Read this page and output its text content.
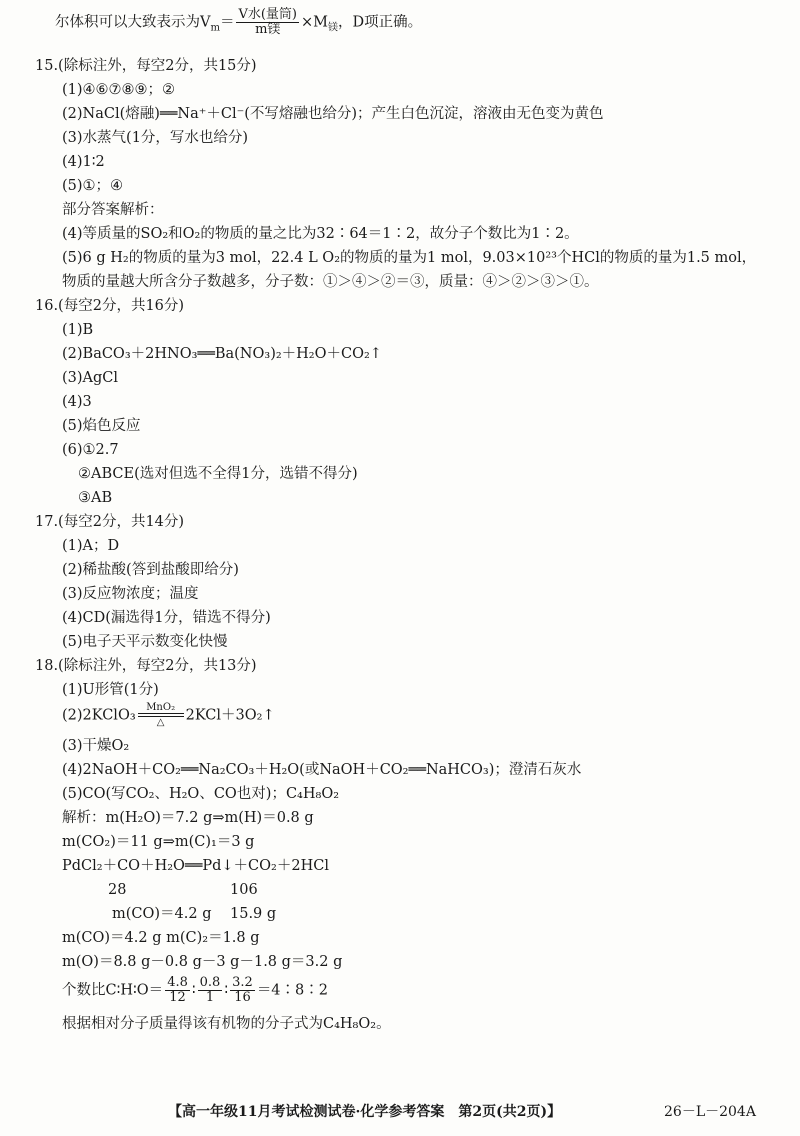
尔体积可以大致表示为$V_m= \frac{\text{V水(量筒)}}{\text{m镁}} \times M_镁$，D项正确。
15.(除标注外，每空2分，共15分)
(1)④⑥⑦⑧⑨；②
(2)NaCl(熔融)══Na⁺＋Cl⁻(不写熔融也给分)；产生白色沉淀，溶液由无色变为黄色
(3)水蒸气(1分，写水也给分)
(4)1∶2
(5)①；④
部分答案解析：
(4)等质量的SO₂和O₂的物质的量之比为32∶64＝1∶2，故分子个数比为1∶2。
(5)6 g H₂的物质的量为3 mol，22.4 L O₂的物质的量为1 mol，9.03×10²³个HCl的物质的量为1.5 mol，
物质的量越大所含分子数越多，分子数：①＞④＞②＝③，质量：④＞②＞③＞①。
16.(每空2分，共16分)
(1)B
(2)BaCO₃＋2HNO₃══Ba(NO₃)₂＋H₂O＋CO₂↑
(3)AgCl
(4)3
(5)焰色反应
(6)①2.7
②ABCE(选对但选不全得1分，选错不得分)
③AB
17.(每空2分，共14分)
(1)A；D
(2)稀盐酸(答到盐酸即给分)
(3)反应物浓度；温度
(4)CD(漏选得1分，错选不得分)
(5)电子天平示数变化快慢
18.(除标注外，每空2分，共13分)
(1)U形管(1分)
(2)2KClO₃	MnO₂
△	2KCl＋3O₂↑
(3)干燥O₂
(4)2NaOH＋CO₂══Na₂CO₃＋H₂O(或NaOH＋CO₂══NaHCO₃)；澄清石灰水
(5)CO(写CO₂、H₂O、CO也对)；C₄H₈O₂
解析：m(H₂O)＝7.2 g⇒m(H)＝0.8 g
m(CO₂)＝11 g⇒m(C)₁＝3 g
PdCl₂＋CO＋H₂O══Pd↓＋CO₂＋2HCl
28	106
m(CO)＝4.2 g 15.9 g
m(CO)＝4.2 g m(C)₂＝1.8 g
m(O)＝8.8 g－0.8 g－3 g－1.8 g＝3.2 g
个数比C∶H∶O＝ $\frac{4.8}{12}$ ∶ $\frac{0.8}{1}$ ∶ $\frac{3.2}{16}$ ＝4∶8∶2
根据相对分子质量得该有机物的分子式为C₄H₈O₂。
【高一年级11月考试检测试卷·化学参考答案　第2页(共2页)】	26－L－204A
